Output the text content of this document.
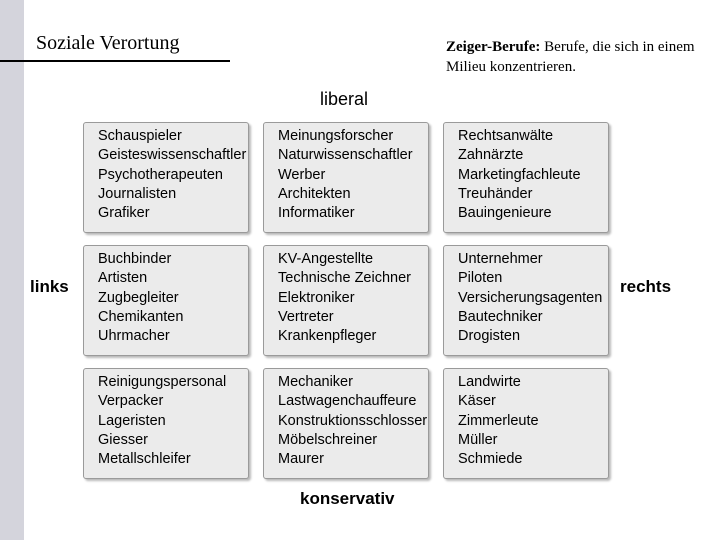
Soziale Verortung	Zeiger-Berufe: Berufe, die sich in einem Milieu konzentrieren.
liberal
konservativ
links	rechts
Schauspieler
Geisteswissenschaftler
Psychotherapeuten
Journalisten
Grafiker
Meinungsforscher
Naturwissenschaftler
Werber
Architekten
Informatiker
Rechtsanwälte
Zahnärzte
Marketingfachleute
Treuhänder
Bauingenieure
Buchbinder
Artisten
Zugbegleiter
Chemikanten
Uhrmacher
KV-Angestellte
Technische Zeichner
Elektroniker
Vertreter
Krankenpfleger
Unternehmer
Piloten
Versicherungsagenten
Bautechniker
Drogisten
Reinigungspersonal
Verpacker
Lageristen
Giesser
Metallschleifer
Mechaniker
Lastwagenchauffeure
Konstruktionsschlosser
Möbelschreiner
Maurer
Landwirte
Käser
Zimmerleute
Müller
Schmiede
